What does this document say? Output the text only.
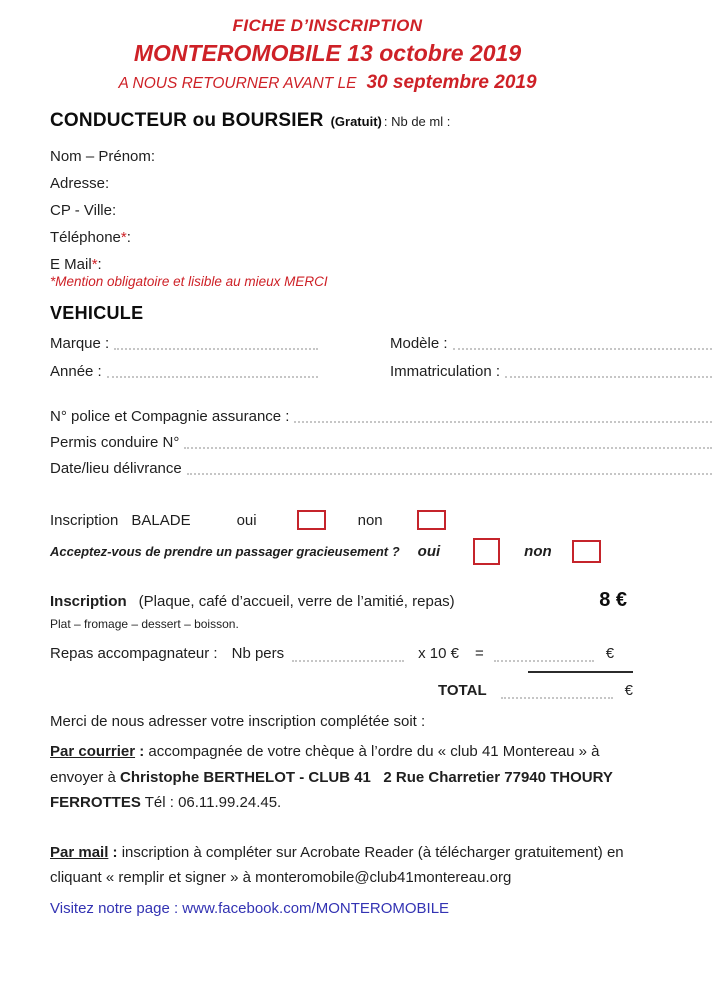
FICHE D’INSCRIPTION
MONTEROMOBILE 13 octobre 2019
A NOUS RETOURNER AVANT LE 30 septembre 2019
CONDUCTEUR ou BOURSIER (Gratuit) : Nb de ml :
Nom – Prénom :
Adresse :
CP - Ville :
Téléphone * :
E Mail * :
*Mention obligatoire et lisible au mieux MERCI
VEHICULE
Marque :	Modèle :
Année :	Immatriculation :
N° police et Compagnie assurance :
Permis conduire N°
Date/lieu délivrance
Inscription BALADE	oui	non
Acceptez-vous de prendre un passager gracieusement ? oui	non
Inscription (Plaque, café d’accueil, verre de l’amitié, repas)	8 €
Plat – fromage – dessert – boisson.
Repas accompagnateur : Nb pers	x 10 € =	€
TOTAL	€
Merci de nous adresser votre inscription complétée soit :
Par courrier : accompagnée de votre chèque à l’ordre du « club 41 Montereau » à envoyer à Christophe BERTHELOT - CLUB 41   2 Rue Charretier 77940 THOURY FERROTTES Tél : 06.11.99.24.45.
Par mail : inscription à compléter sur Acrobate Reader (à télécharger gratuitement) en cliquant « remplir et signer » à monteromobile@club41montereau.org
Visitez notre page : www.facebook.com/MONTEROMOBILE
